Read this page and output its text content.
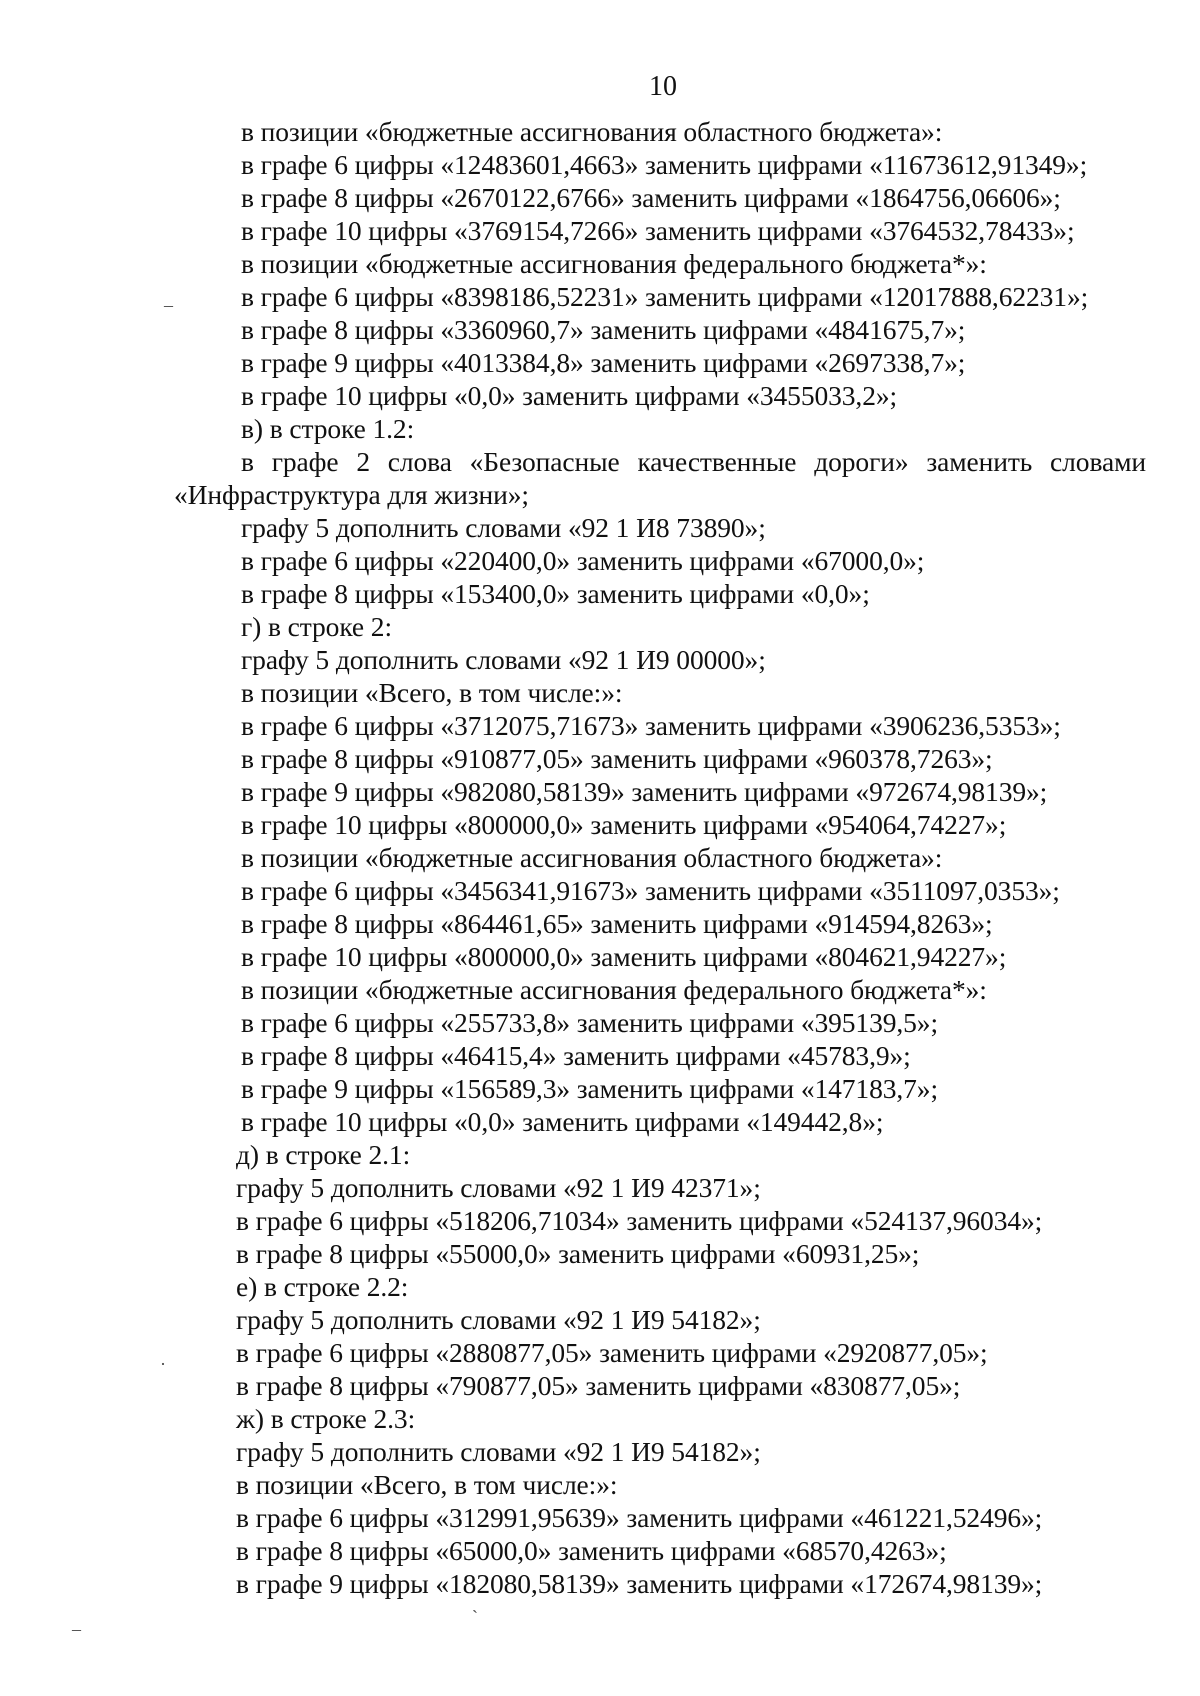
10
в позиции «бюджетные ассигнования областного бюджета»:
в графе 6 цифры «12483601,4663» заменить цифрами «11673612,91349»;
в графе 8 цифры «2670122,6766» заменить цифрами «1864756,06606»;
в графе 10 цифры «3769154,7266» заменить цифрами «3764532,78433»;
в позиции «бюджетные ассигнования федерального бюджета*»:
в графе 6 цифры «8398186,52231» заменить цифрами «12017888,62231»;
в графе 8 цифры «3360960,7» заменить цифрами «4841675,7»;
в графе 9 цифры «4013384,8» заменить цифрами «2697338,7»;
в графе 10 цифры «0,0» заменить цифрами «3455033,2»;
в) в строке 1.2:
в графе 2 слова «Безопасные качественные дороги» заменить словами
«Инфраструктура для жизни»;
графу 5 дополнить словами «92 1 И8 73890»;
в графе 6 цифры «220400,0» заменить цифрами «67000,0»;
в графе 8 цифры «153400,0» заменить цифрами «0,0»;
г) в строке 2:
графу 5 дополнить словами «92 1 И9 00000»;
в позиции «Всего, в том числе:»:
в графе 6 цифры «3712075,71673» заменить цифрами «3906236,5353»;
в графе 8 цифры «910877,05» заменить цифрами «960378,7263»;
в графе 9 цифры «982080,58139» заменить цифрами «972674,98139»;
в графе 10 цифры «800000,0» заменить цифрами «954064,74227»;
в позиции «бюджетные ассигнования областного бюджета»:
в графе 6 цифры «3456341,91673» заменить цифрами «3511097,0353»;
в графе 8 цифры «864461,65» заменить цифрами «914594,8263»;
в графе 10 цифры «800000,0» заменить цифрами «804621,94227»;
в позиции «бюджетные ассигнования федерального бюджета*»:
в графе 6 цифры «255733,8» заменить цифрами «395139,5»;
в графе 8 цифры «46415,4» заменить цифрами «45783,9»;
в графе 9 цифры «156589,3» заменить цифрами «147183,7»;
в графе 10 цифры «0,0» заменить цифрами «149442,8»;
д) в строке 2.1:
графу 5 дополнить словами «92 1 И9 42371»;
в графе 6 цифры «518206,71034» заменить цифрами «524137,96034»;
в графе 8 цифры «55000,0» заменить цифрами «60931,25»;
е) в строке 2.2:
графу 5 дополнить словами «92 1 И9 54182»;
в графе 6 цифры «2880877,05» заменить цифрами «2920877,05»;
в графе 8 цифры «790877,05» заменить цифрами «830877,05»;
ж) в строке 2.3:
графу 5 дополнить словами «92 1 И9 54182»;
в позиции «Всего, в том числе:»:
в графе 6 цифры «312991,95639» заменить цифрами «461221,52496»;
в графе 8 цифры «65000,0» заменить цифрами «68570,4263»;
в графе 9 цифры «182080,58139» заменить цифрами «172674,98139»;
–
·
–
ˋ
